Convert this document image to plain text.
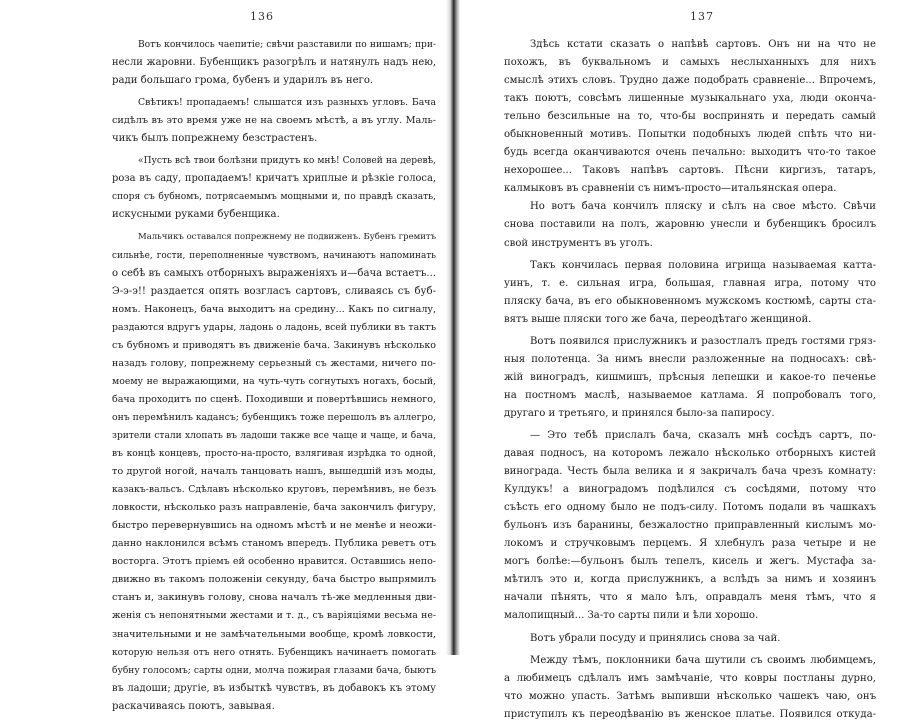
136
Вотъ кончилось чаепитіе; свѣчи разставили по нишамъ; при-
несли жаровни. Бубенщикъ разогрѣлъ и натянулъ надъ нею,
ради большаго грома, бубенъ и ударилъ въ него.
Свѣтикъ! пропадаемъ! слышатся изъ разныхъ угловъ. Бача
сидѣлъ въ это время уже не на своемъ мѣстѣ, а въ углу. Маль-
чикъ былъ попрежнему безстрастенъ.
«Пусть всѣ твои болѣзни придутъ ко мнѣ! Соловей на деревѣ,
роза въ саду, пропадаемъ! кричатъ хриплые и рѣзкіе голоса,
споря съ бубномъ, потрясаемымъ мощными и, по правдѣ сказать,
искусными руками бубенщика.
Мальчикъ оставался попрежнему не подвиженъ. Бубенъ гремитъ
сильнѣе, гости, переполненные чувствомъ, начинаютъ напоминать
о себѣ въ самыхъ отборныхъ выраженіяхъ и—бача встаетъ...
Э-э-э!! раздается опять возгласъ сартовъ, сливаясь съ буб-
номъ. Наконецъ, бача выходитъ на средину... Какъ по сигналу,
раздаются вдругъ удары, ладонь о ладонь, всей публики въ тактъ
съ бубномъ и приводятъ въ движеніе бача. Закинувъ нѣсколько
назадъ голову, попрежнему серьезный съ жестами, ничего по-
моему не выражающими, на чуть-чуть согнутыхъ ногахъ, босый,
бача проходитъ по сценѣ. Походивши и повертѣвшись немного,
онъ перемѣнилъ кадансъ; бубенщикъ тоже перешолъ въ аллегро,
зрители стали хлопать въ ладоши также все чаще и чаще, и бача,
въ концѣ концевъ, просто-на-просто, взлягивая изрѣдка то одной,
то другой ногой, началъ танцовать нашъ, вышедшій изъ моды,
казакъ-вальсъ. Сдѣлавъ нѣсколько круговъ, перемѣнивъ, не безъ
ловкости, нѣсколько разъ направленіе, бача закончилъ фигуру,
быстро перевернувшись на одномъ мѣстѣ и не менѣе и неожи-
данно наклонился всѣмъ станомъ впередъ. Публика реветъ отъ
восторга. Этотъ пріемъ ей особенно нравится. Оставшись непо-
движно въ такомъ положеніи секунду, бача быстро выпрямилъ
станъ и, закинувъ голову, снова началъ тѣ-же медленныя дви-
женія съ непонятными жестами и т. д., съ варіяціями весьма не-
значительными и не замѣчательными вообще, кромѣ ловкости,
которую нельзя отъ него отнять. Бубенщикъ начинаетъ помогать
бубну голосомъ; сарты одни, молча пожирая глазами бача, быютъ
въ ладоши; другіе, въ избыткѣ чувствъ, въ добавокъ къ этому
раскачиваясь поютъ, завывая.
137
Здѣсь кстати сказать о напѣвѣ сартовъ. Онъ ни на что не
похожъ, въ буквальномъ и самыхъ неслыханныхъ для нихъ
смыслѣ этихъ словъ. Трудно даже подобрать сравненіе... Впрочемъ,
такъ поютъ, совсѣмъ лишенные музыкальнаго уха, люди оконча-
тельно безсильные на то, что-бы воспринять и передать самый
обыкновенный мотивъ. Попытки подобныхъ людей спѣть что ни-
будь всегда оканчиваются очень печально: выходитъ что-то такое
нехорошее... Таковъ напѣвъ сартовъ. Пѣсни киргизъ, татаръ,
калмыковъ въ сравненіи съ нимъ-просто—итальянская опера.
Но вотъ бача кончилъ пляску и сѣлъ на свое мѣсто. Свѣчи
снова поставили на полъ, жаровню унесли и бубенщикъ бросилъ
свой инструментъ въ уголъ.
Такъ кончилась первая половина игрища называемая катта-
уинъ, т. е. сильная игра, большая, главная игра, потому что
пляску бача, въ его обыкновенномъ мужскомъ костюмѣ, сарты ста-
вятъ выше пляски того же бача, переодѣтаго женщиной.
Вотъ появился прислужникъ и разостлалъ предъ гостями гряз-
ныя полотенца. За нимъ внесли разложенные на подносахъ: свѣ-
жій виноградъ, кишмишъ, прѣсныя лепешки и какое-то печенье
на постномъ маслѣ, называемое катлама. Я попробовалъ того,
другаго и третьяго, и принялся было-за папиросу.
— Это тебѣ прислалъ бача, сказалъ мнѣ сосѣдъ сартъ, по-
давая подносъ, на которомъ лежало нѣсколько отборныхъ кистей
винограда. Честь была велика и я закричалъ бача чрезъ комнату:
Кулдукъ! а виноградомъ подѣлился съ сосѣдями, потому что
съѣсть его одному было не подъ-силу. Потомъ подали въ чашкахъ
бульонъ изъ баранины, безжалостно приправленный кислымъ мо-
локомъ и стручковымъ перцемъ. Я хлебнулъ раза четыре и не
могъ болѣе:—бульонъ былъ тепелъ, кисель и жегъ. Мустафа за-
мѣтилъ это и, когда прислужникъ, а вслѣдъ за нимъ и хозяинъ
начали пѣнять, что я мало ѣлъ, оправдалъ меня тѣмъ, что я
малопищный... За-то сарты пили и ѣли хорошо.
Вотъ убрали посуду и принялись снова за чай.
Между тѣмъ, поклонники бача шутили съ своимъ любимцемъ,
а любимецъ сдѣлалъ имъ замѣчаніе, что ковры постланы дурно,
что можно упасть. Затѣмъ выпивши нѣсколько чашекъ чаю, онъ
приступилъ къ переодѣванію въ женское платье. Появился откуда-
